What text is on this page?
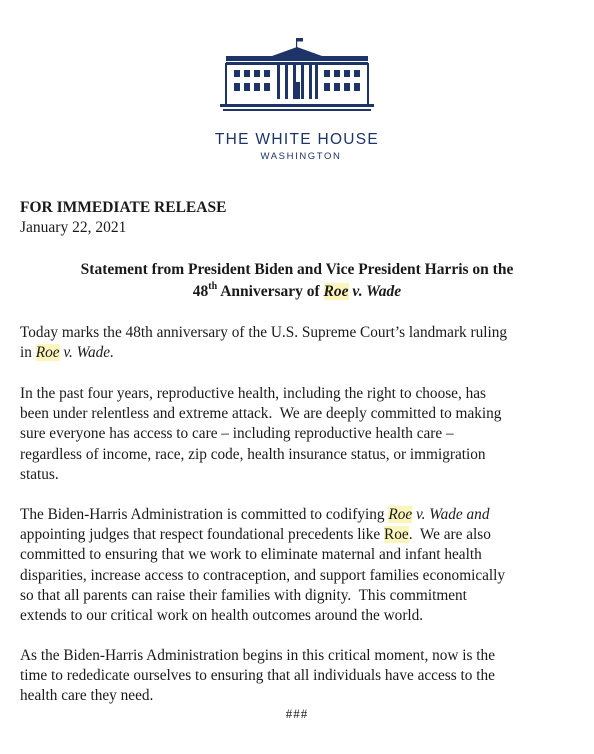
THE WHITE HOUSE
WASHINGTON
FOR IMMEDIATE RELEASE
January 22, 2021
Statement from President Biden and Vice President Harris on the
48th Anniversary of Roe v. Wade
Today marks the 48th anniversary of the U.S. Supreme Court’s landmark ruling
in Roe v. Wade.
In the past four years, reproductive health, including the right to choose, has
been under relentless and extreme attack.  We are deeply committed to making
sure everyone has access to care – including reproductive health care –
regardless of income, race, zip code, health insurance status, or immigration
status.
The Biden-Harris Administration is committed to codifying Roe v. Wade and
appointing judges that respect foundational precedents like Roe.  We are also
committed to ensuring that we work to eliminate maternal and infant health
disparities, increase access to contraception, and support families economically
so that all parents can raise their families with dignity.  This commitment
extends to our critical work on health outcomes around the world.
As the Biden-Harris Administration begins in this critical moment, now is the
time to rededicate ourselves to ensuring that all individuals have access to the
health care they need.
###
